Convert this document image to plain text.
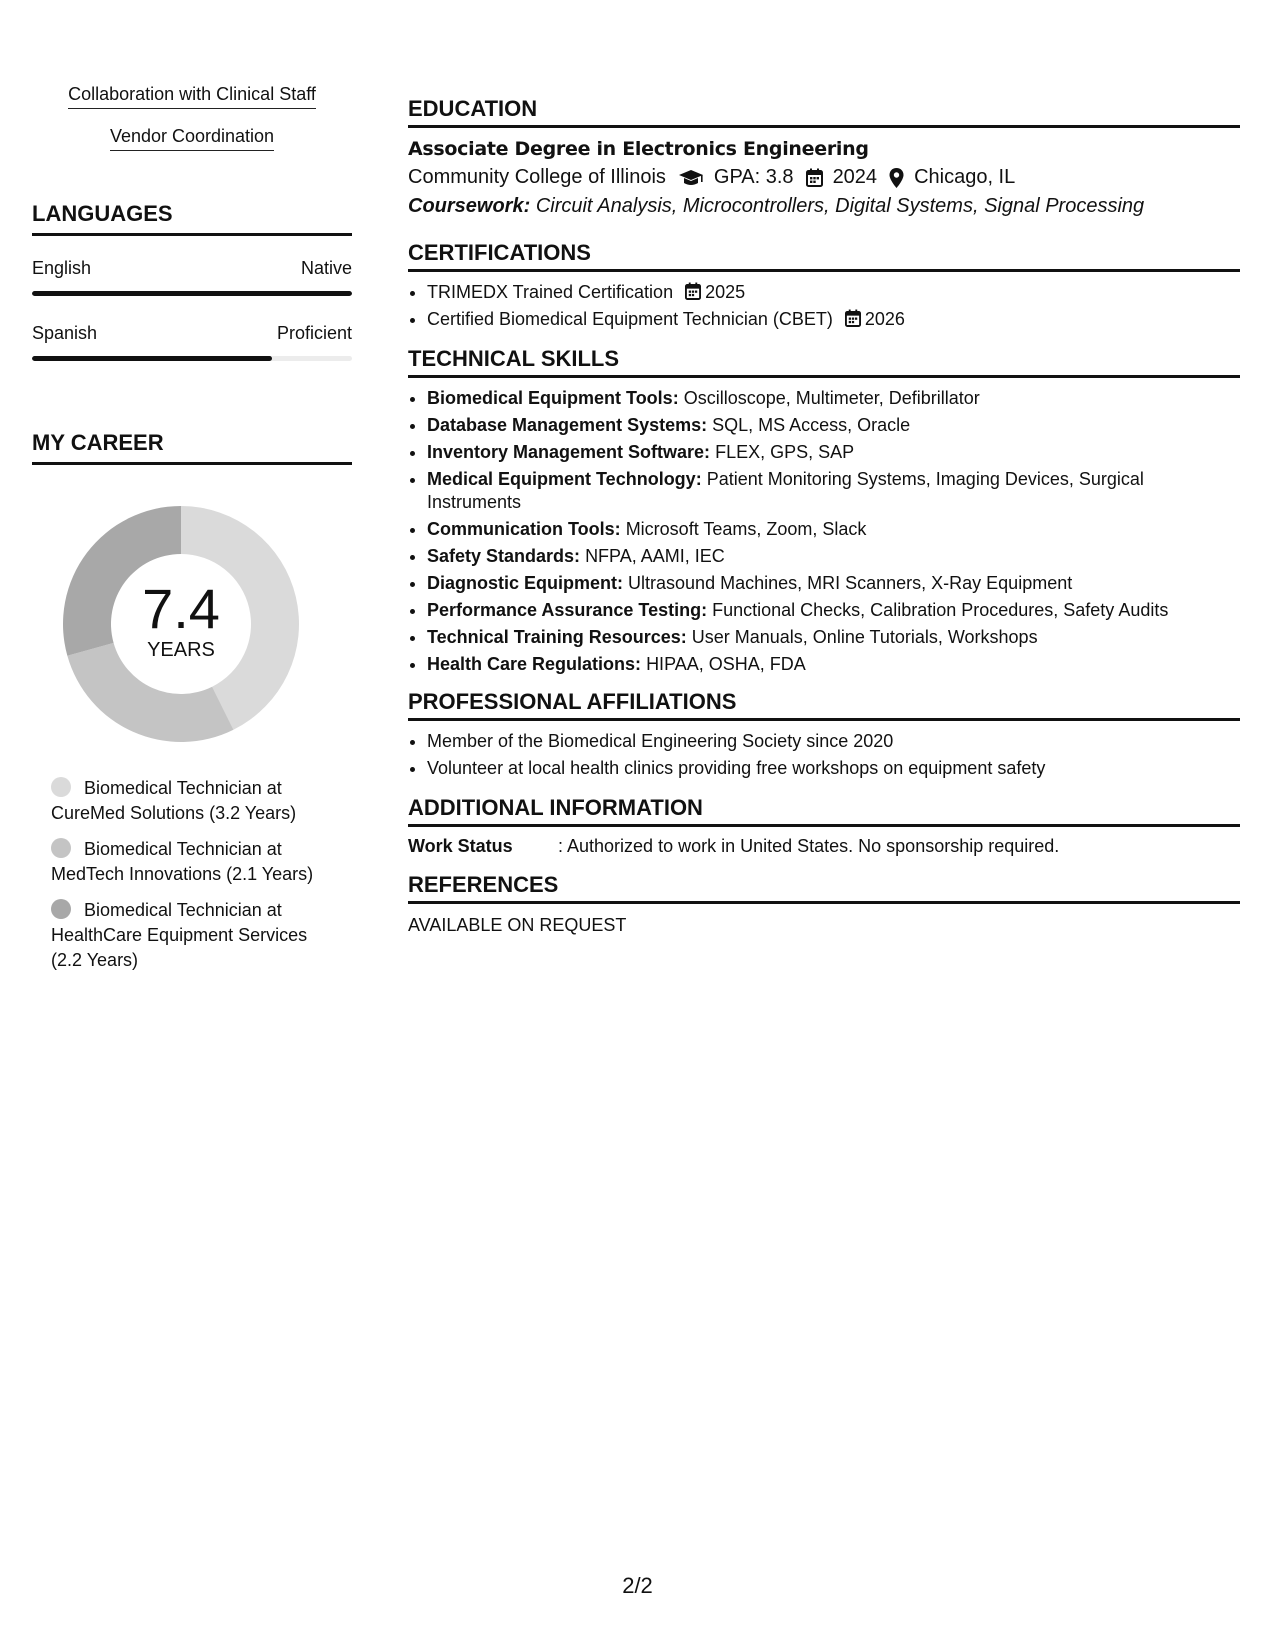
Collaboration with Clinical Staff
Vendor Coordination
LANGUAGES
English	Native
Spanish	Proficient
MY CAREER
7.4
YEARS
Biomedical Technician at CureMed Solutions (3.2 Years)
Biomedical Technician at MedTech Innovations (2.1 Years)
Biomedical Technician at HealthCare Equipment Services (2.2 Years)
EDUCATION
Associate Degree in Electronics Engineering
Community College of Illinois GPA: 3.8 2024 Chicago, IL
Coursework: Circuit Analysis, Microcontrollers, Digital Systems, Signal Processing
CERTIFICATIONS
• TRIMEDX Trained Certification 2025
• Certified Biomedical Equipment Technician (CBET) 2026
TECHNICAL SKILLS
• Biomedical Equipment Tools: Oscilloscope, Multimeter, Defibrillator
• Database Management Systems: SQL, MS Access, Oracle
• Inventory Management Software: FLEX, GPS, SAP
• Medical Equipment Technology: Patient Monitoring Systems, Imaging Devices, Surgical Instruments
• Communication Tools: Microsoft Teams, Zoom, Slack
• Safety Standards: NFPA, AAMI, IEC
• Diagnostic Equipment: Ultrasound Machines, MRI Scanners, X-Ray Equipment
• Performance Assurance Testing: Functional Checks, Calibration Procedures, Safety Audits
• Technical Training Resources: User Manuals, Online Tutorials, Workshops
• Health Care Regulations: HIPAA, OSHA, FDA
PROFESSIONAL AFFILIATIONS
• Member of the Biomedical Engineering Society since 2020
• Volunteer at local health clinics providing free workshops on equipment safety
ADDITIONAL INFORMATION
Work Status	: Authorized to work in United States. No sponsorship required.
REFERENCES
AVAILABLE ON REQUEST
2/2
